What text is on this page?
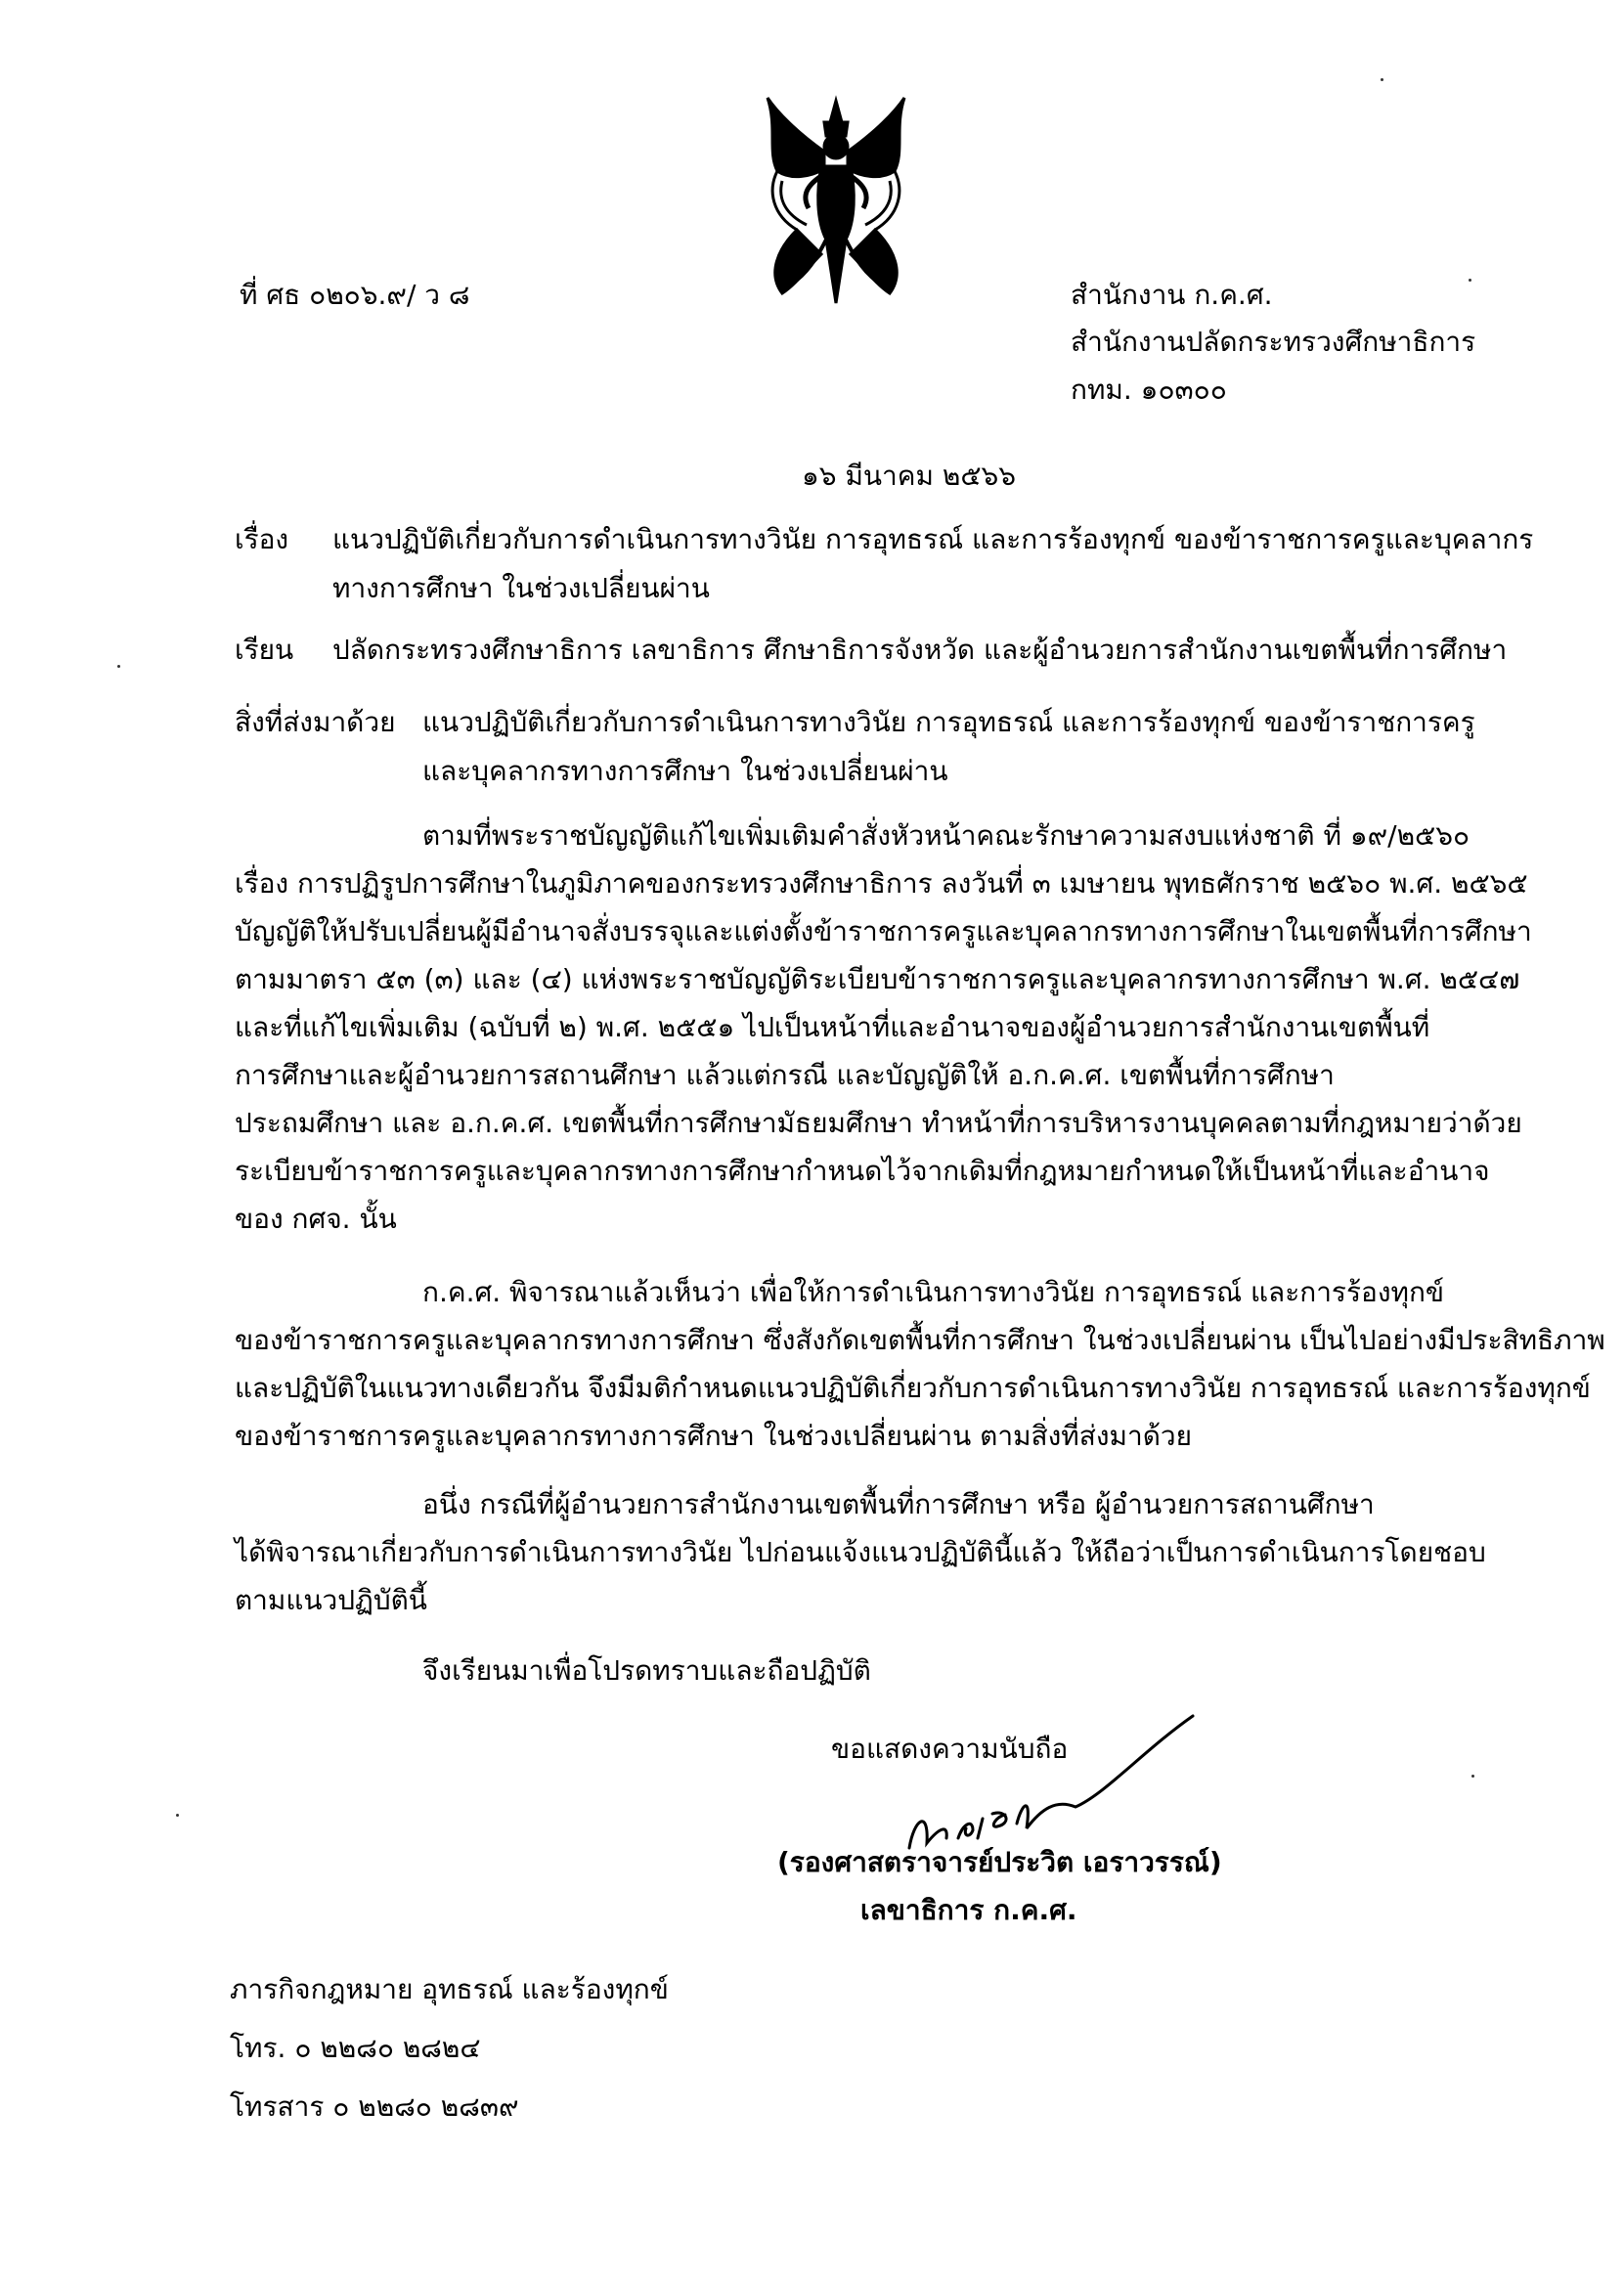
ที่ ศธ ๐๒๐๖.๙/ ว ๘	สำนักงาน ก.ค.ศ.
สำนักงานปลัดกระทรวงศึกษาธิการ
กทม. ๑๐๓๐๐
๑๖ มีนาคม ๒๕๖๖
เรื่อง แนวปฏิบัติเกี่ยวกับการดำเนินการทางวินัย การอุทธรณ์ และการร้องทุกข์ ของข้าราชการครูและบุคลากร
ทางการศึกษา ในช่วงเปลี่ยนผ่าน
เรียน ปลัดกระทรวงศึกษาธิการ เลขาธิการ ศึกษาธิการจังหวัด และผู้อำนวยการสำนักงานเขตพื้นที่การศึกษา
สิ่งที่ส่งมาด้วย แนวปฏิบัติเกี่ยวกับการดำเนินการทางวินัย การอุทธรณ์ และการร้องทุกข์ ของข้าราชการครู
และบุคลากรทางการศึกษา ในช่วงเปลี่ยนผ่าน
ตามที่พระราชบัญญัติแก้ไขเพิ่มเติมคำสั่งหัวหน้าคณะรักษาความสงบแห่งชาติ ที่ ๑๙/๒๕๖๐
เรื่อง การปฏิรูปการศึกษาในภูมิภาคของกระทรวงศึกษาธิการ ลงวันที่ ๓ เมษายน พุทธศักราช ๒๕๖๐ พ.ศ. ๒๕๖๕
บัญญัติให้ปรับเปลี่ยนผู้มีอำนาจสั่งบรรจุและแต่งตั้งข้าราชการครูและบุคลากรทางการศึกษาในเขตพื้นที่การศึกษา
ตามมาตรา ๕๓ (๓) และ (๔) แห่งพระราชบัญญัติระเบียบข้าราชการครูและบุคลากรทางการศึกษา พ.ศ. ๒๕๔๗
และที่แก้ไขเพิ่มเติม (ฉบับที่ ๒) พ.ศ. ๒๕๕๑ ไปเป็นหน้าที่และอำนาจของผู้อำนวยการสำนักงานเขตพื้นที่
การศึกษาและผู้อำนวยการสถานศึกษา แล้วแต่กรณี และบัญญัติให้ อ.ก.ค.ศ. เขตพื้นที่การศึกษา
ประถมศึกษา และ อ.ก.ค.ศ. เขตพื้นที่การศึกษามัธยมศึกษา ทำหน้าที่การบริหารงานบุคคลตามที่กฎหมายว่าด้วย
ระเบียบข้าราชการครูและบุคลากรทางการศึกษากำหนดไว้จากเดิมที่กฎหมายกำหนดให้เป็นหน้าที่และอำนาจ
ของ กศจ. นั้น
ก.ค.ศ. พิจารณาแล้วเห็นว่า เพื่อให้การดำเนินการทางวินัย การอุทธรณ์ และการร้องทุกข์
ของข้าราชการครูและบุคลากรทางการศึกษา ซึ่งสังกัดเขตพื้นที่การศึกษา ในช่วงเปลี่ยนผ่าน เป็นไปอย่างมีประสิทธิภาพ
และปฏิบัติในแนวทางเดียวกัน จึงมีมติกำหนดแนวปฏิบัติเกี่ยวกับการดำเนินการทางวินัย การอุทธรณ์ และการร้องทุกข์
ของข้าราชการครูและบุคลากรทางการศึกษา ในช่วงเปลี่ยนผ่าน ตามสิ่งที่ส่งมาด้วย
อนึ่ง กรณีที่ผู้อำนวยการสำนักงานเขตพื้นที่การศึกษา หรือ ผู้อำนวยการสถานศึกษา
ได้พิจารณาเกี่ยวกับการดำเนินการทางวินัย ไปก่อนแจ้งแนวปฏิบัตินี้แล้ว ให้ถือว่าเป็นการดำเนินการโดยชอบ
ตามแนวปฏิบัตินี้
จึงเรียนมาเพื่อโปรดทราบและถือปฏิบัติ
ขอแสดงความนับถือ
(รองศาสตราจารย์ประวิต เอราวรรณ์)
เลขาธิการ ก.ค.ศ.
ภารกิจกฎหมาย อุทธรณ์ และร้องทุกข์
โทร. ๐ ๒๒๘๐ ๒๘๒๔
โทรสาร ๐ ๒๒๘๐ ๒๘๓๙
